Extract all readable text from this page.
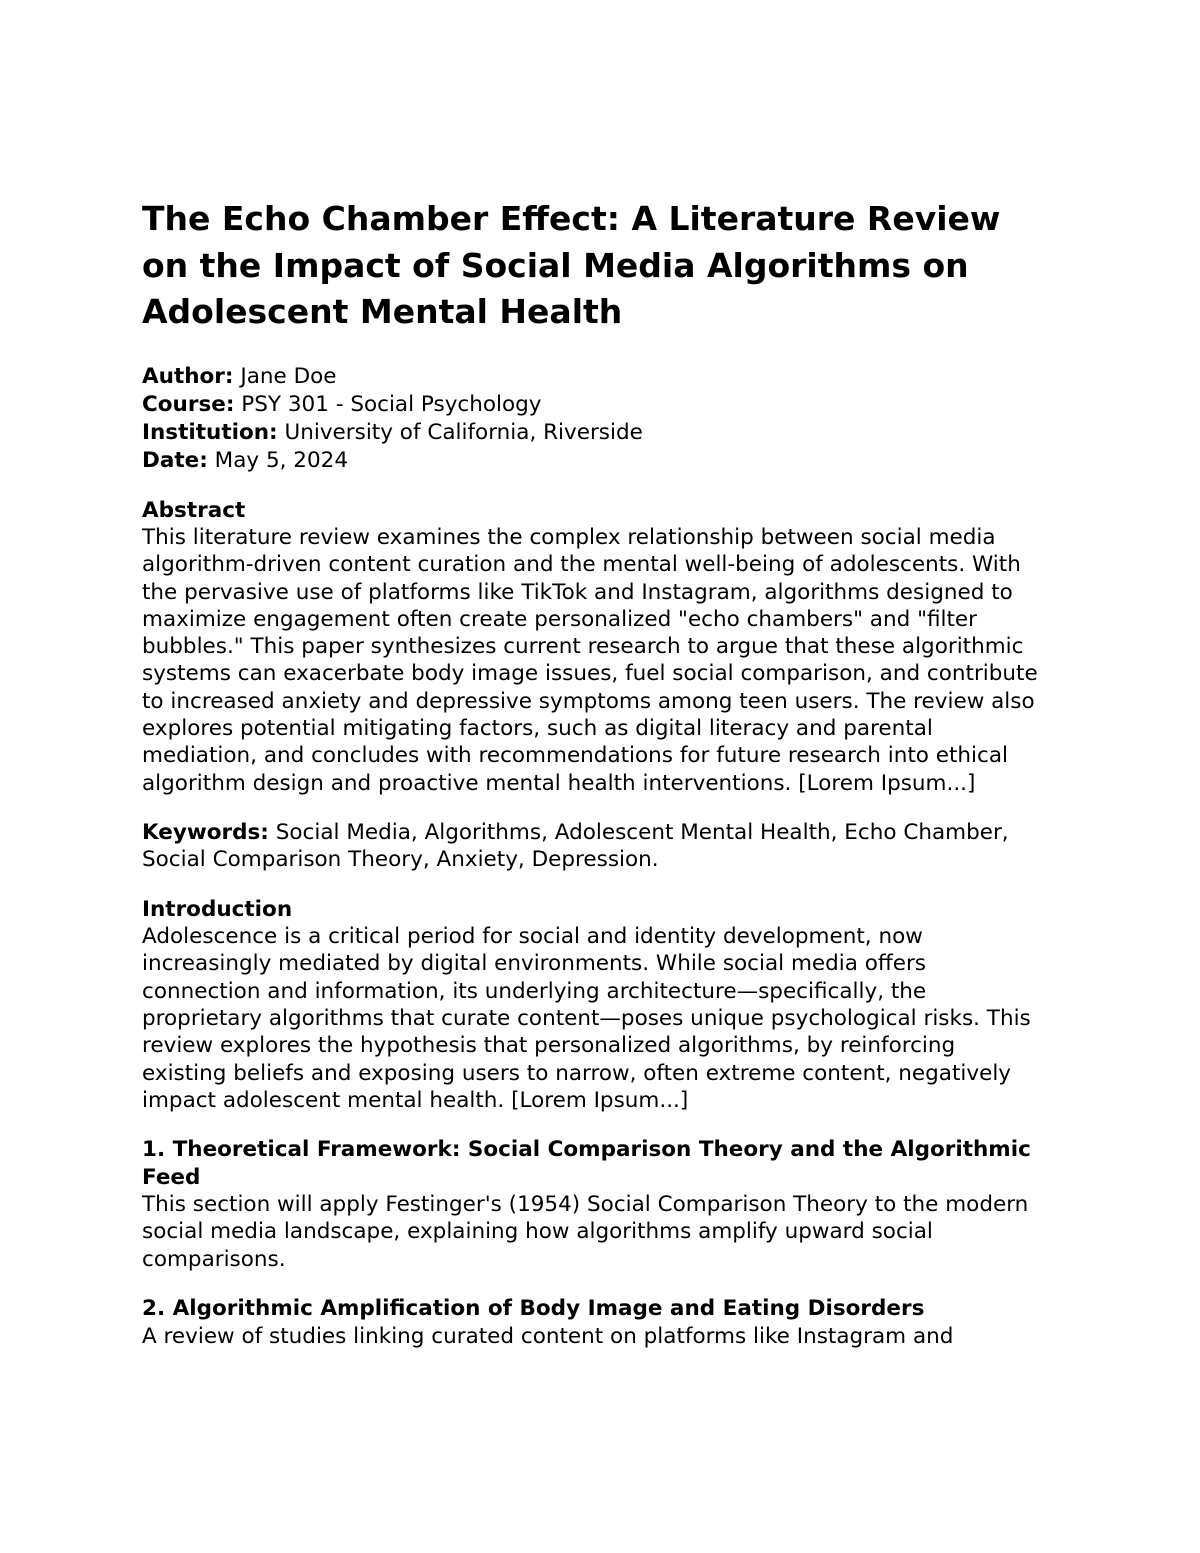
The Echo Chamber Effect: A Literature Review on the Impact of Social Media Algorithms on Adolescent Mental Health
Author: Jane Doe
Course: PSY 301 - Social Psychology
Institution: University of California, Riverside
Date: May 5, 2024
Abstract

This literature review examines the complex relationship between social media algorithm-driven content curation and the mental well-being of adolescents. With the pervasive use of platforms like TikTok and Instagram, algorithms designed to maximize engagement often create personalized "echo chambers" and "filter bubbles." This paper synthesizes current research to argue that these algorithmic systems can exacerbate body image issues, fuel social comparison, and contribute to increased anxiety and depressive symptoms among teen users. The review also explores potential mitigating factors, such as digital literacy and parental mediation, and concludes with recommendations for future research into ethical algorithm design and proactive mental health interventions. [Lorem Ipsum...]

Keywords: Social Media, Algorithms, Adolescent Mental Health, Echo Chamber, Social Comparison Theory, Anxiety, Depression.

Introduction

Adolescence is a critical period for social and identity development, now increasingly mediated by digital environments. While social media offers connection and information, its underlying architecture—specifically, the proprietary algorithms that curate content—poses unique psychological risks. This review explores the hypothesis that personalized algorithms, by reinforcing existing beliefs and exposing users to narrow, often extreme content, negatively impact adolescent mental health. [Lorem Ipsum...]

1. Theoretical Framework: Social Comparison Theory and the Algorithmic Feed

This section will apply Festinger's (1954) Social Comparison Theory to the modern social media landscape, explaining how algorithms amplify upward social comparisons.

2. Algorithmic Amplification of Body Image and Eating Disorders

A review of studies linking curated content on platforms like Instagram and
